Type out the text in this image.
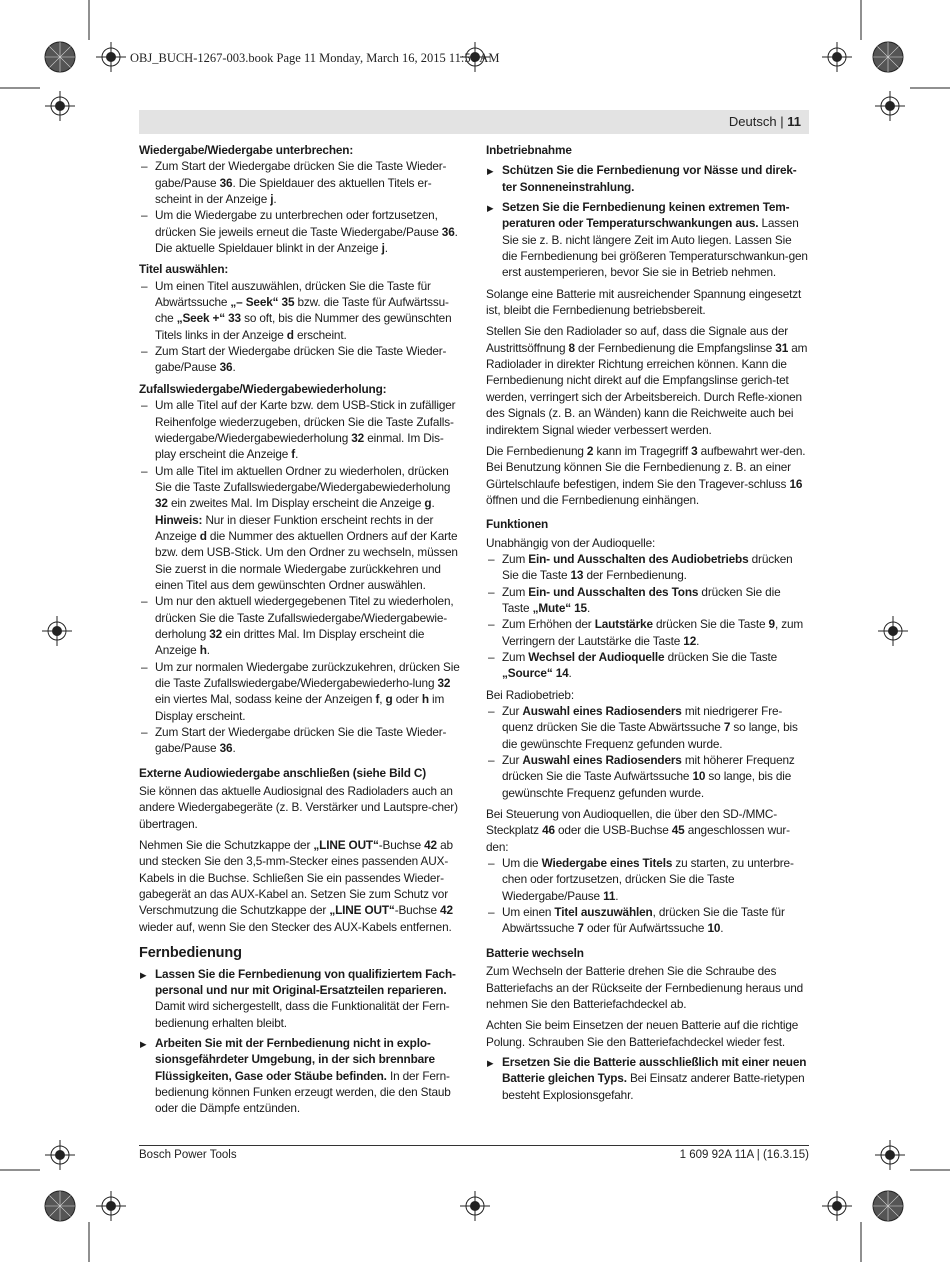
OBJ_BUCH-1267-003.book Page 11 Monday, March 16, 2015 11:56 AM
Deutsch | 11
Wiedergabe/Wiedergabe unterbrechen:
– Zum Start der Wiedergabe drücken Sie die Taste Wieder-gabe/Pause 36. Die Spieldauer des aktuellen Titels er-scheint in der Anzeige j.
– Um die Wiedergabe zu unterbrechen oder fortzusetzen, drücken Sie jeweils erneut die Taste Wiedergabe/Pause 36. Die aktuelle Spieldauer blinkt in der Anzeige j.
Titel auswählen:
– Um einen Titel auszuwählen, drücken Sie die Taste für Abwärtssuche „– Seek“ 35 bzw. die Taste für Aufwärtssu-che „Seek +“ 33 so oft, bis die Nummer des gewünschten Titels links in der Anzeige d erscheint.
– Zum Start der Wiedergabe drücken Sie die Taste Wieder-gabe/Pause 36.
Zufallswiedergabe/Wiedergabewiederholung:
– Um alle Titel auf der Karte bzw. dem USB-Stick in zufälliger Reihenfolge wiederzugeben, drücken Sie die Taste Zufalls-wiedergabe/Wiedergabewiederholung 32 einmal. Im Dis-play erscheint die Anzeige f.
– Um alle Titel im aktuellen Ordner zu wiederholen, drücken Sie die Taste Zufallswiedergabe/Wiedergabewiederholung 32 ein zweites Mal. Im Display erscheint die Anzeige g.
Hinweis: Nur in dieser Funktion erscheint rechts in der Anzeige d die Nummer des aktuellen Ordners auf der Karte bzw. dem USB-Stick. Um den Ordner zu wechseln, müssen Sie zuerst in die normale Wiedergabe zurückkehren und einen Titel aus dem gewünschten Ordner auswählen.
– Um nur den aktuell wiedergegebenen Titel zu wiederholen, drücken Sie die Taste Zufallswiedergabe/Wiedergabewie-derholung 32 ein drittes Mal. Im Display erscheint die Anzeige h.
– Um zur normalen Wiedergabe zurückzukehren, drücken Sie die Taste Zufallswiedergabe/Wiedergabewiederho-lung 32 ein viertes Mal, sodass keine der Anzeigen f, g oder h im Display erscheint.
– Zum Start der Wiedergabe drücken Sie die Taste Wieder-gabe/Pause 36.
Externe Audiowiedergabe anschließen (siehe Bild C)
Sie können das aktuelle Audiosignal des Radioladers auch an andere Wiedergabegeräte (z. B. Verstärker und Lautspre-cher) übertragen.
Nehmen Sie die Schutzkappe der „LINE OUT“-Buchse 42 ab und stecken Sie den 3,5-mm-Stecker eines passenden AUX-Kabels in die Buchse. Schließen Sie ein passendes Wieder-gabegerät an das AUX-Kabel an. Setzen Sie zum Schutz vor Verschmutzung die Schutzkappe der „LINE OUT“-Buchse 42 wieder auf, wenn Sie den Stecker des AUX-Kabels entfernen.
Fernbedienung
▶ Lassen Sie die Fernbedienung von qualifiziertem Fach-personal und nur mit Original-Ersatzteilen reparieren. Damit wird sichergestellt, dass die Funktionalität der Fern-bedienung erhalten bleibt.
▶ Arbeiten Sie mit der Fernbedienung nicht in explo-sionsgefährdeter Umgebung, in der sich brennbare Flüssigkeiten, Gase oder Stäube befinden. In der Fern-bedienung können Funken erzeugt werden, die den Staub oder die Dämpfe entzünden.
Inbetriebnahme
▶ Schützen Sie die Fernbedienung vor Nässe und direk-ter Sonneneinstrahlung.
▶ Setzen Sie die Fernbedienung keinen extremen Tem-peraturen oder Temperaturschwankungen aus. Lassen Sie sie z. B. nicht längere Zeit im Auto liegen. Lassen Sie die Fernbedienung bei größeren Temperaturschwankun-gen erst austemperieren, bevor Sie sie in Betrieb nehmen.
Solange eine Batterie mit ausreichender Spannung eingesetzt ist, bleibt die Fernbedienung betriebsbereit.
Stellen Sie den Radiolader so auf, dass die Signale aus der Austrittsöffnung 8 der Fernbedienung die Empfangslinse 31 am Radiolader in direkter Richtung erreichen können. Kann die Fernbedienung nicht direkt auf die Empfangslinse gerich-tet werden, verringert sich der Arbeitsbereich. Durch Refle-xionen des Signals (z. B. an Wänden) kann die Reichweite auch bei indirektem Signal wieder verbessert werden.
Die Fernbedienung 2 kann im Tragegriff 3 aufbewahrt wer-den. Bei Benutzung können Sie die Fernbedienung z. B. an einer Gürtelschlaufe befestigen, indem Sie den Tragever-schluss 16 öffnen und die Fernbedienung einhängen.
Funktionen
Unabhängig von der Audioquelle:
– Zum Ein- und Ausschalten des Audiobetriebs drücken Sie die Taste 13 der Fernbedienung.
– Zum Ein- und Ausschalten des Tons drücken Sie die Taste „Mute“ 15.
– Zum Erhöhen der Lautstärke drücken Sie die Taste 9, zum Verringern der Lautstärke die Taste 12.
– Zum Wechsel der Audioquelle drücken Sie die Taste „Source“ 14.
Bei Radiobetrieb:
– Zur Auswahl eines Radiosenders mit niedrigerer Fre-quenz drücken Sie die Taste Abwärtssuche 7 so lange, bis die gewünschte Frequenz gefunden wurde.
– Zur Auswahl eines Radiosenders mit höherer Frequenz drücken Sie die Taste Aufwärtssuche 10 so lange, bis die gewünschte Frequenz gefunden wurde.
Bei Steuerung von Audioquellen, die über den SD-/MMC-Steckplatz 46 oder die USB-Buchse 45 angeschlossen wur-den:
– Um die Wiedergabe eines Titels zu starten, zu unterbre-chen oder fortzusetzen, drücken Sie die Taste Wiedergabe/Pause 11.
– Um einen Titel auszuwählen, drücken Sie die Taste für Abwärtssuche 7 oder für Aufwärtssuche 10.
Batterie wechseln
Zum Wechseln der Batterie drehen Sie die Schraube des Batteriefachs an der Rückseite der Fernbedienung heraus und nehmen Sie den Batteriefachdeckel ab.
Achten Sie beim Einsetzen der neuen Batterie auf die richtige Polung. Schrauben Sie den Batteriefachdeckel wieder fest.
▶ Ersetzen Sie die Batterie ausschließlich mit einer neuen Batterie gleichen Typs. Bei Einsatz anderer Batte-rietypen besteht Explosionsgefahr.
Bosch Power Tools	1 609 92A 11A | (16.3.15)
